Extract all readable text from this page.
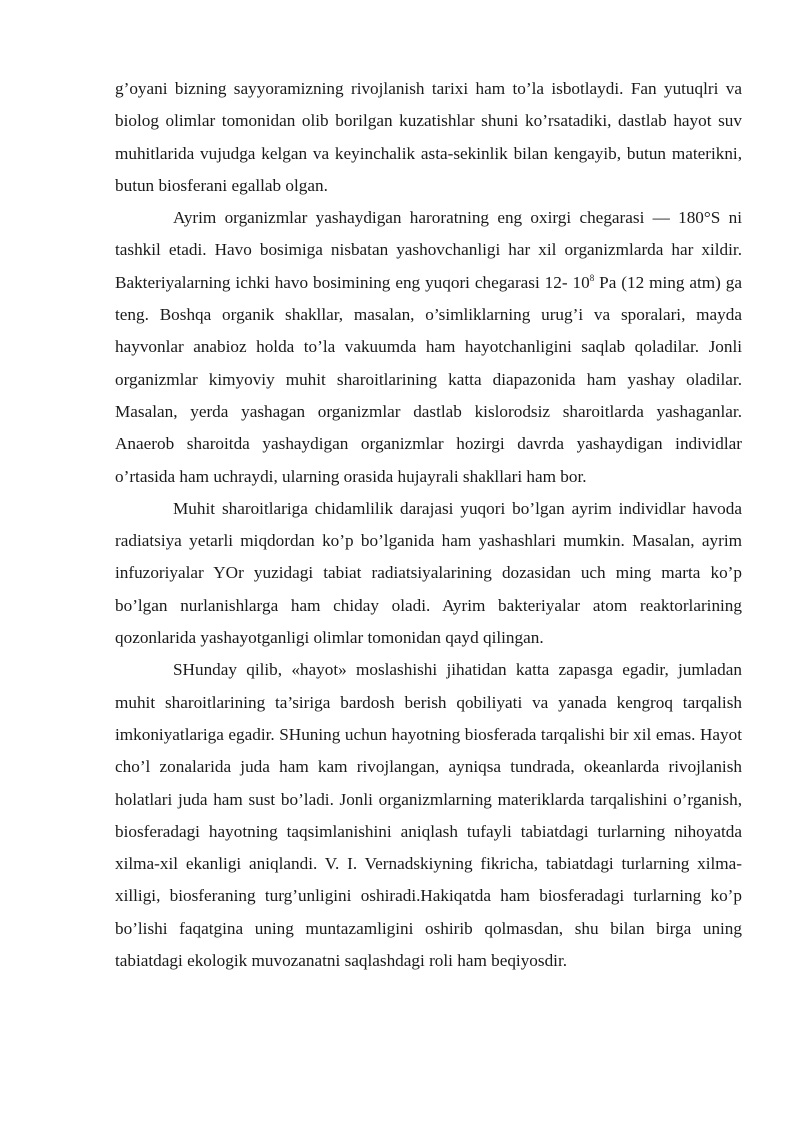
g’oyani bizning sayyoramizning rivojlanish tarixi ham to’la isbotlaydi. Fan yutuqlri va biolog olimlar tomonidan olib borilgan kuzatishlar shuni ko’rsatadiki, dastlab hayot suv muhitlarida vujudga kelgan va keyinchalik asta-sekinlik bilan kengayib, butun materikni, butun biosferani egallab olgan.

Ayrim organizmlar yashaydigan haroratning eng oxirgi chegarasi — 180°S ni tashkil etadi. Havo bosimiga nisbatan yashovchanligi har xil organizmlarda har xildir. Bakteriyalarning ichki havo bosimining eng yuqori chegarasi 12- $10^8$ Pa (12 ming atm) ga teng. Boshqa organik shakllar, masalan, o’simliklarning urug’i va sporalari, mayda hayvonlar anabioz holda to’la vakuumda ham hayotchanligini saqlab qoladilar. Jonli organizmlar kimyoviy muhit sharoitlarining katta diapazonida ham yashay oladilar. Masalan, yerda yashagan organizmlar dastlab kislorodsiz sharoitlarda yashaganlar. Anaerob sharoitda yashaydigan organizmlar hozirgi davrda yashaydigan individlar o’rtasida ham uchraydi, ularning orasida hujayrali shakllari ham bor.

Muhit sharoitlariga chidamlilik darajasi yuqori bo’lgan ayrim individlar havoda radiatsiya yetarli miqdordan ko’p bo’lganida ham yashashlari mumkin. Masalan, ayrim infuzoriyalar YOr yuzidagi tabiat radiatsiyalarining dozasidan uch ming marta ko’p bo’lgan nurlanishlarga ham chiday oladi. Ayrim bakteriyalar atom reaktorlarining qozonlarida yashayotganligi olimlar tomonidan qayd qilingan.

SHunday qilib, «hayot» moslashishi jihatidan katta zapasga egadir, jumladan muhit sharoitlarining ta’siriga bardosh berish qobiliyati va yanada kengroq tarqalish imkoniyatlariga egadir. SHuning uchun hayotning biosferada tarqalishi bir xil emas. Hayot cho’l zonalarida juda ham kam rivojlangan, ayniqsa tundrada, okeanlarda rivojlanish holatlari juda ham sust bo’ladi. Jonli organizmlarning materiklarda tarqalishini o’rganish, biosferadagi hayotning taqsimlanishini aniqlash tufayli tabiatdagi turlarning nihoyatda xilma-xil ekanligi aniqlandi. V. I. Vernadskiyning fikricha, tabiatdagi turlarning xilma-xilligi, biosferaning turg’unligini oshiradi.Hakiqatda ham biosferadagi turlarning ko’p bo’lishi faqatgina uning muntazamligini oshirib qolmasdan, shu bilan birga uning tabiatdagi ekologik muvozanatni saqlashdagi roli ham beqiyosdir.
